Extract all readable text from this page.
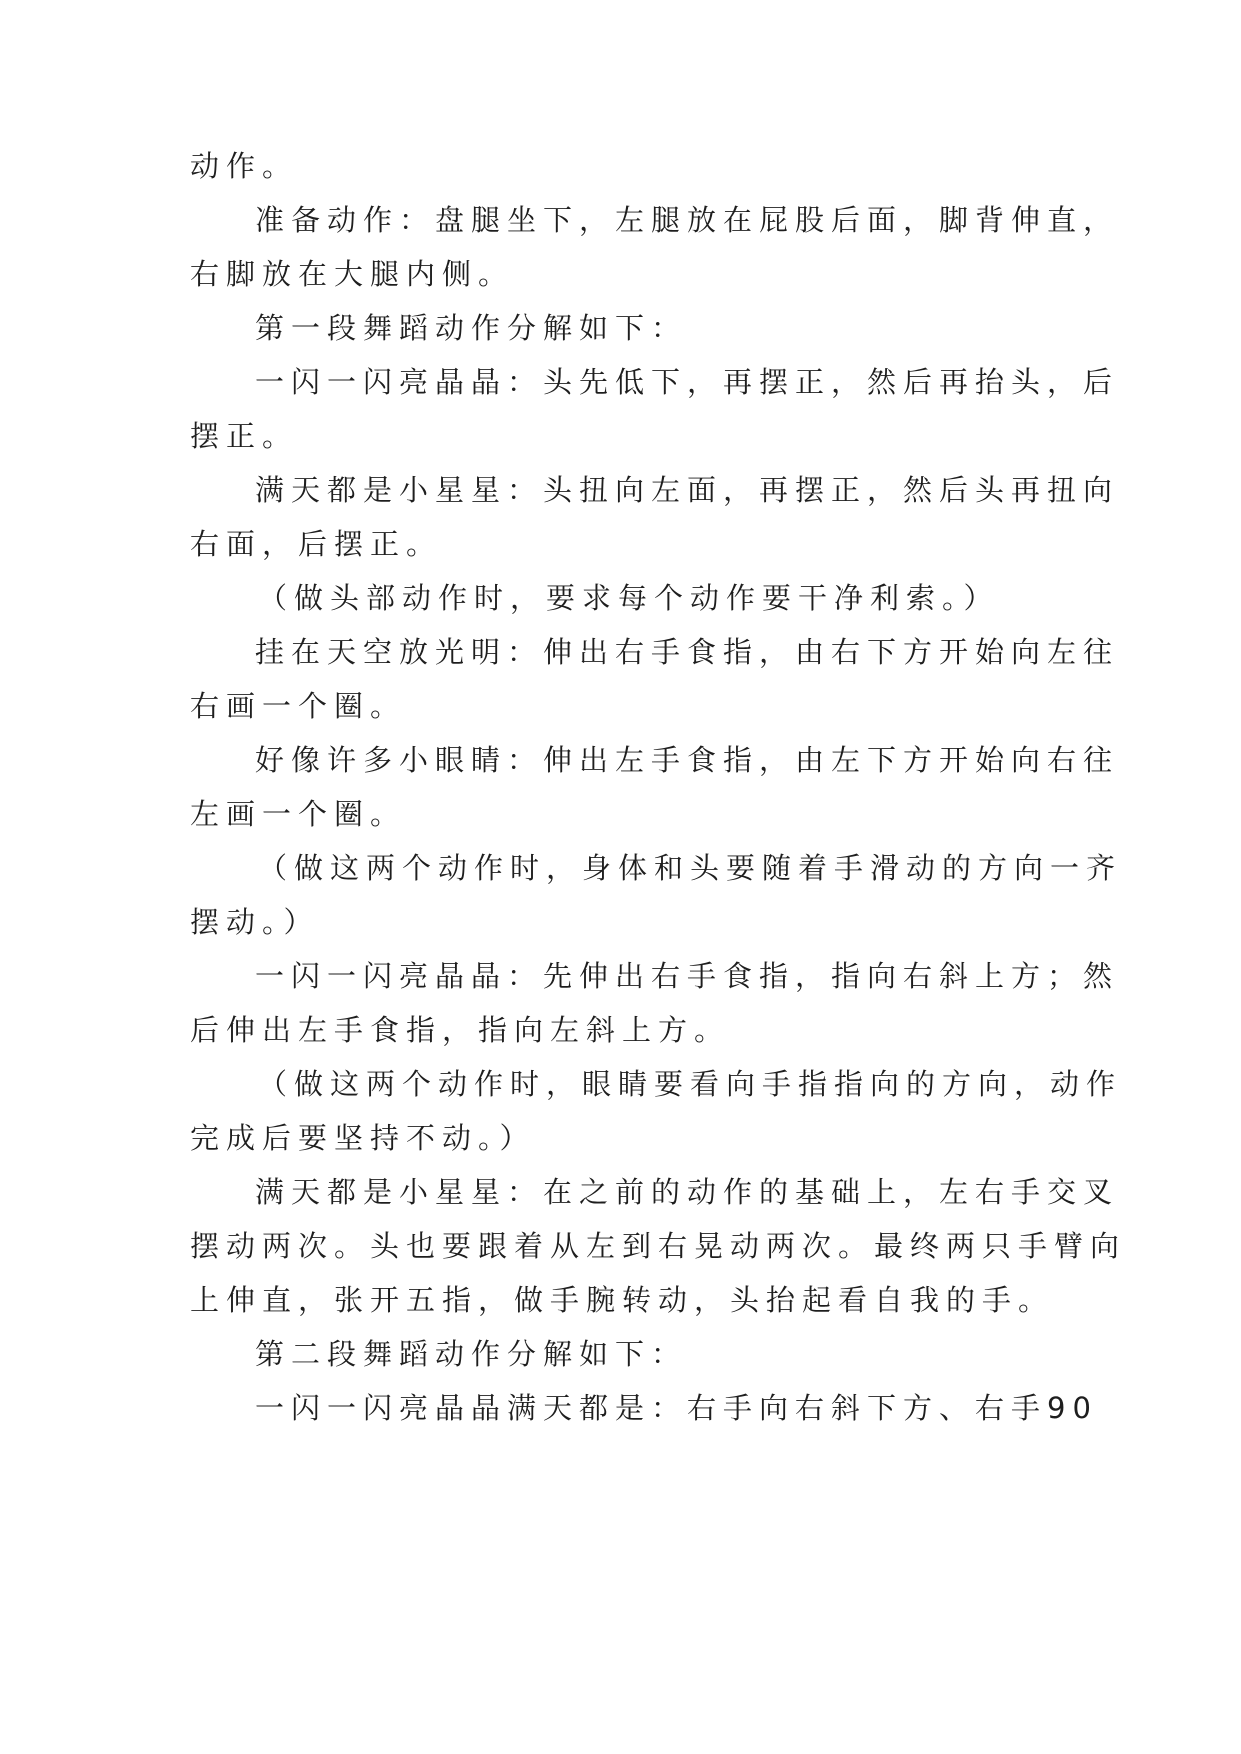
动作。
准备动作：盘腿坐下，左腿放在屁股后面，脚背伸直，
右脚放在大腿内侧。
第一段舞蹈动作分解如下：
一闪一闪亮晶晶：头先低下，再摆正，然后再抬头，后
摆正。
满天都是小星星：头扭向左面，再摆正，然后头再扭向
右面，后摆正。
（做头部动作时，要求每个动作要干净利索。）
挂在天空放光明：伸出右手食指，由右下方开始向左往
右画一个圈。
好像许多小眼睛：伸出左手食指，由左下方开始向右往
左画一个圈。
（做这两个动作时，身体和头要随着手滑动的方向一齐
摆动。）
一闪一闪亮晶晶：先伸出右手食指，指向右斜上方；然
后伸出左手食指，指向左斜上方。
（做这两个动作时，眼睛要看向手指指向的方向，动作
完成后要坚持不动。）
满天都是小星星：在之前的动作的基础上，左右手交叉
摆动两次。头也要跟着从左到右晃动两次。最终两只手臂向
上伸直，张开五指，做手腕转动，头抬起看自我的手。
第二段舞蹈动作分解如下：
一闪一闪亮晶晶满天都是：右手向右斜下方、右手90
